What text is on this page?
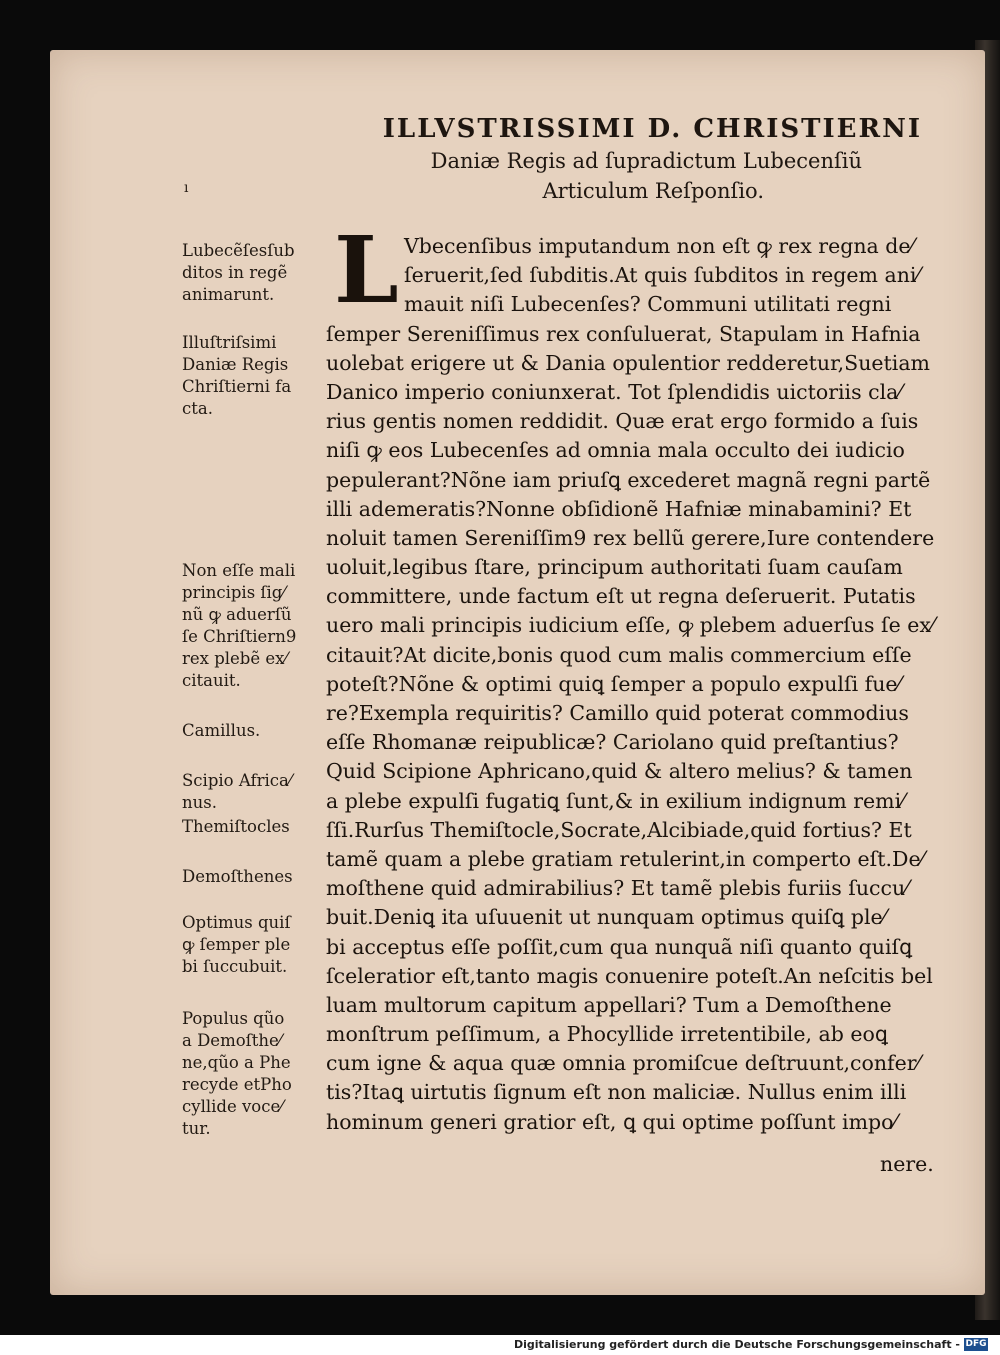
ILLVSTRISSIMI D. CHRISTIERNI
Daniæ Regis ad ſupradictum Lubecenſiũ
Articulum Reſponſio.
ı
Lubecẽſesſub
ditos in regẽ
animarunt.
Illuſtriſsimi
Daniæ Regis
Chriſtierni fa
cta.
Non eſſe mali
principis ſig⁄
nũ ꝙ aduerſũ
ſe Chriſtiern9
rex plebẽ ex⁄
citauit.
Camillus.
Scipio Africa⁄
nus.
Themiſtocles
Demoſthenes
Optimus quiſ
ꝙ ſemper ple
bi ſuccubuit.
Populus qũo
a Demoſthe⁄
ne,qũo a Phe
recyde etPho
cyllide voce⁄
tur.
L Vbecenſibus imputandum non eſt ꝙ rex regna de⁄
ſeruerit,ſed ſubditis.At quis ſubditos in regem ani⁄
mauit niſi Lubecenſes? Communi utilitati regni
ſemper Sereniſſimus rex conſuluerat, Stapulam in Hafnia
uolebat erigere ut & Dania opulentior redderetur,Suetiam
Danico imperio coniunxerat. Tot ſplendidis uictoriis cla⁄
rius gentis nomen reddidit. Quæ erat ergo formido a ſuis
niſi ꝙ eos Lubecenſes ad omnia mala occulto dei iudicio
pepulerant?Nõne iam priuſꝗ excederet magnã regni partẽ
illi ademeratis?Nonne obſidionẽ Hafniæ minabamini? Et
noluit tamen Sereniſſim9 rex bellũ gerere,Iure contendere
uoluit,legibus ſtare, principum authoritati ſuam cauſam
committere, unde factum eſt ut regna deſeruerit. Putatis
uero mali principis iudicium eſſe, ꝙ plebem aduerſus ſe ex⁄
citauit?At dicite,bonis quod cum malis commercium eſſe
poteſt?Nõne & optimi quiꝗ ſemper a populo expulſi fue⁄
re?Exempla requiritis? Camillo quid poterat commodius
eſſe Rhomanæ reipublicæ? Cariolano quid preſtantius?
Quid Scipione Aphricano,quid & altero melius? & tamen
a plebe expulſi fugatiꝗ ſunt,& in exilium indignum remi⁄
ſſi.Rurſus Themiſtocle,Socrate,Alcibiade,quid fortius? Et
tamẽ quam a plebe gratiam retulerint,in comperto eſt.De⁄
moſthene quid admirabilius? Et tamẽ plebis furiis ſuccu⁄
buit.Deniꝗ ita uſuuenit ut nunquam optimus quiſꝗ ple⁄
bi acceptus eſſe poſſit,cum qua nunquã niſi quanto quiſꝗ
ſceleratior eſt,tanto magis conuenire poteſt.An neſcitis bel
luam multorum capitum appellari? Tum a Demoſthene
monſtrum peſſimum, a Phocyllide irretentibile, ab eoꝗ
cum igne & aqua quæ omnia promiſcue deſtruunt,confer⁄
tis?Itaꝗ uirtutis ſignum eſt non maliciæ. Nullus enim illi
hominum generi gratior eſt, ꝗ qui optime poſſunt impo⁄
nere.
Digitalisierung gefördert durch die Deutsche Forschungsgemeinschaft - DFG
